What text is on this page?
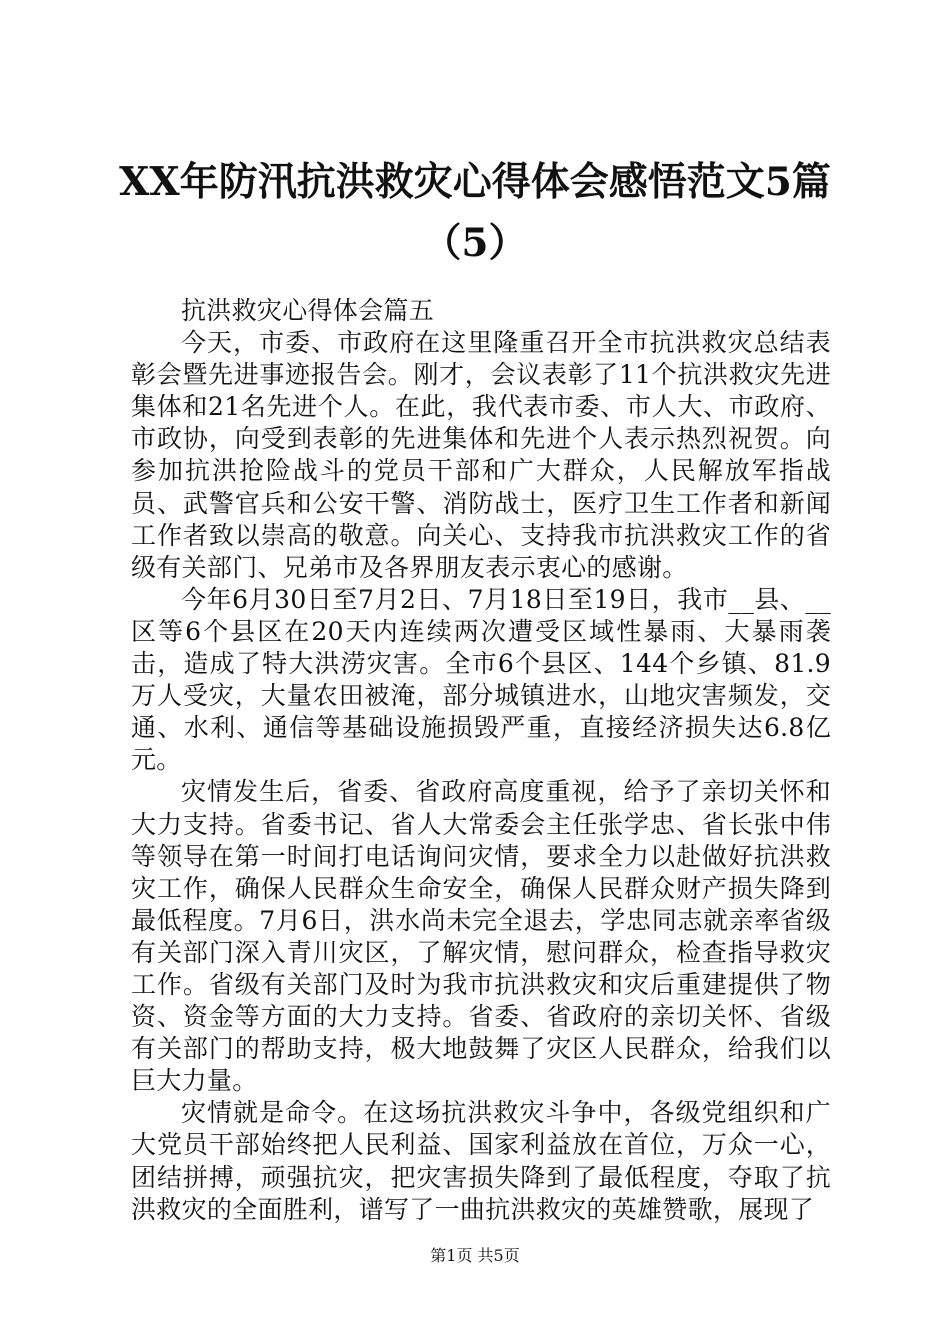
XX年防汛抗洪救灾心得体会感悟范文5篇
（5）

抗洪救灾心得体会篇五

今天，市委、市政府在这里隆重召开全市抗洪救灾总结表彰会暨先进事迹报告会。刚才，会议表彰了11个抗洪救灾先进集体和21名先进个人。在此，我代表市委、市人大、市政府、市政协，向受到表彰的先进集体和先进个人表示热烈祝贺。向参加抗洪抢险战斗的党员干部和广大群众，人民解放军指战员、武警官兵和公安干警、消防战士，医疗卫生工作者和新闻工作者致以崇高的敬意。向关心、支持我市抗洪救灾工作的省级有关部门、兄弟市及各界朋友表示衷心的感谢。

今年6月30日至7月2日、7月18日至19日，我市__县、__区等6个县区在20天内连续两次遭受区域性暴雨、大暴雨袭击，造成了特大洪涝灾害。全市6个县区、144个乡镇、81.9万人受灾，大量农田被淹，部分城镇进水，山地灾害频发，交通、水利、通信等基础设施损毁严重，直接经济损失达6.8亿元。

灾情发生后，省委、省政府高度重视，给予了亲切关怀和大力支持。省委书记、省人大常委会主任张学忠、省长张中伟等领导在第一时间打电话询问灾情，要求全力以赴做好抗洪救灾工作，确保人民群众生命安全，确保人民群众财产损失降到最低程度。7月6日，洪水尚未完全退去，学忠同志就亲率省级有关部门深入青川灾区，了解灾情，慰问群众，检查指导救灾工作。省级有关部门及时为我市抗洪救灾和灾后重建提供了物资、资金等方面的大力支持。省委、省政府的亲切关怀、省级有关部门的帮助支持，极大地鼓舞了灾区人民群众，给我们以巨大力量。

灾情就是命令。在这场抗洪救灾斗争中，各级党组织和广大党员干部始终把人民利益、国家利益放在首位，万众一心，团结拼搏，顽强抗灾，把灾害损失降到了最低程度，夺取了抗洪救灾的全面胜利，谱写了一曲抗洪救灾的英雄赞歌，展现了

第1页 共5页
